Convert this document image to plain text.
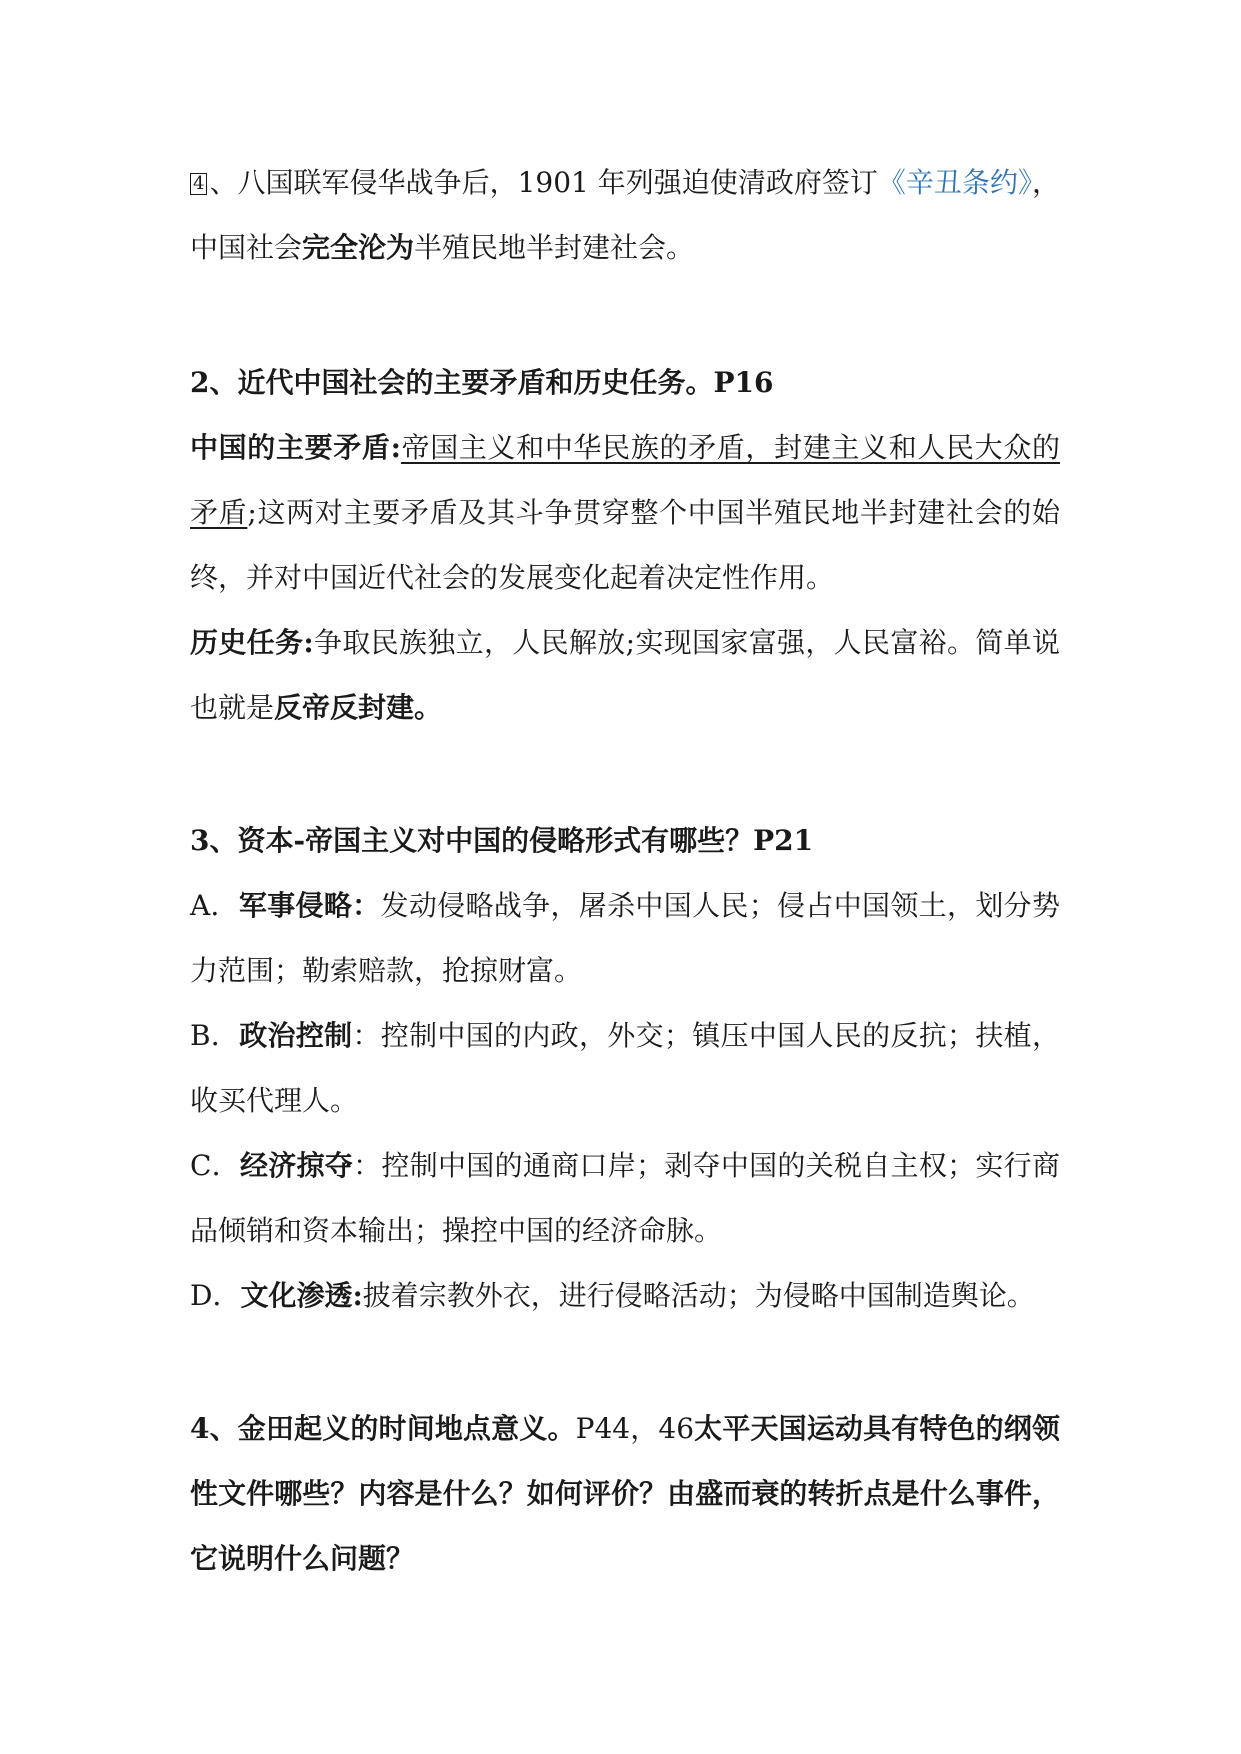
4 、八国联军侵华战争后，1901 年列强迫使清政府签订《辛丑条约》，中国社会完全沦为半殖民地半封建社会。

2、近代中国社会的主要矛盾和历史任务。P16

中国的主要矛盾:帝国主义和中华民族的矛盾，封建主义和人民大众的矛盾;这两对主要矛盾及其斗争贯穿整个中国半殖民地半封建社会的始终，并对中国近代社会的发展变化起着决定性作用。

历史任务:争取民族独立，人民解放;实现国家富强，人民富裕。简单说也就是反帝反封建。

3、资本-帝国主义对中国的侵略形式有哪些？P21

A．军事侵略：发动侵略战争，屠杀中国人民；侵占中国领土，划分势力范围；勒索赔款，抢掠财富。

B．政治控制：控制中国的内政，外交；镇压中国人民的反抗；扶植，收买代理人。

C．经济掠夺：控制中国的通商口岸；剥夺中国的关税自主权；实行商品倾销和资本输出；操控中国的经济命脉。

D．文化渗透:披着宗教外衣，进行侵略活动；为侵略中国制造舆论。

4、金田起义的时间地点意义。P44，46太平天国运动具有特色的纲领性文件哪些？内容是什么？如何评价？由盛而衰的转折点是什么事件，它说明什么问题？
